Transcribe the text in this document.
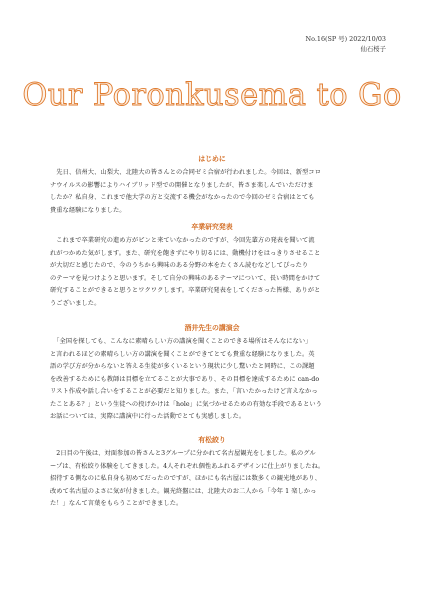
No.16(SP 号) 2022/10/03
仙石桜子
Our Poronkusema to Go
はじめに
　先日、信州大、山梨大、北陸大の皆さんとの合同ゼミ合宿が行われました。今回は、新型コロ
ナウイルスの影響によりハイブリッド型での開催となりましたが、皆さま楽しんでいただけま
したか？私自身、これまで他大学の方と交流する機会がなかったので今回のゼミ合宿はとても
貴重な経験になりました。
卒業研究発表
　これまで卒業研究の進め方がピンと来ていなかったのですが、今回先輩方の発表を聞いて流
れがつかめた気がします。また、研究を飽きずにやり切るには、動機付けをはっきりさせること
が大切だと感じたので、今のうちから興味のある分野の本をたくさん読むなどしてぴったり
のテーマを見つけようと思います。そして自分の興味のあるテーマについて、長い時間をかけて
研究することができると思うとワクワクします。卒業研究発表をしてくださった皆様、ありがと
うございました。
酒井先生の講演会
　「全国を探しても、こんなに素晴らしい方の講演を聞くことのできる場所はそんなにない」
と言われるほどの素晴らしい方の講演を聞くことができてとても貴重な経験になりました。英
語の学び方が分からないと答える生徒が多くいるという現状に少し驚いたと同時に、この課題
を改善するためにも教師は目標を立てることが大事であり、その目標を達成するために can-do
リスト作成や話し合いをすることが必要だと知りました。また、「言いたかったけど言えなかっ
たことある？」という生徒への投げかけは「hole」に気づかせるための有効な手段であるという
お話については、実際に講演中に行った活動でとても実感しました。
有松絞り
　2日目の午後は、対面参加の皆さんと3グループに分かれて名古屋観光をしました。私のグル
ープは、有松絞り体験をしてきました。4人それぞれ個性あふれるデザインに仕上がりましたね。
招待する側なのに私自身も初めてだったのですが、ほかにも名古屋には数多くの観光地があり、
改めて名古屋のよさに気が付きました。観光終盤には、北陸大のお二人から「今年 1 楽しかっ
た！」なんて言葉をもらうことができました。
